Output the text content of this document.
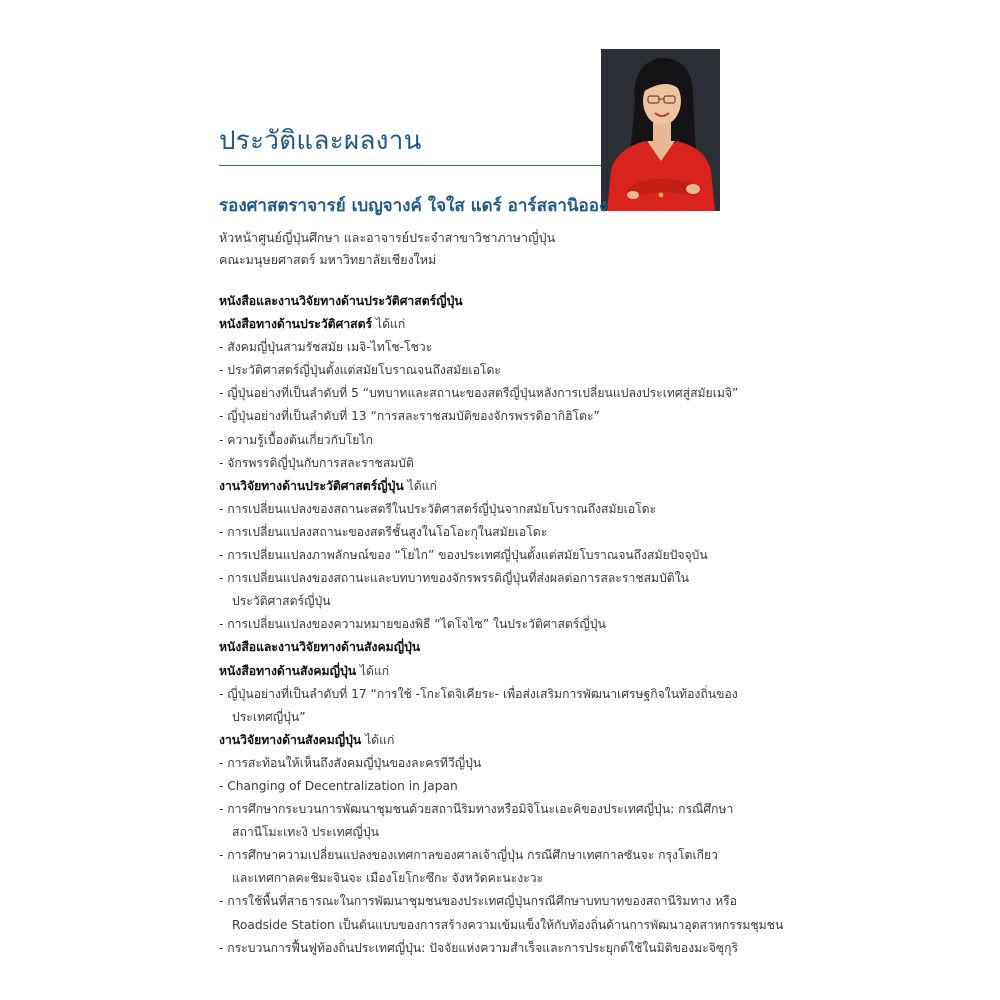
ประวัติและผลงาน
รองศาสตราจารย์ เบญจางค์ ใจใส แดร์ อาร์สลานิออง
หัวหน้าศูนย์ญี่ปุ่นศึกษา และอาจารย์ประจำสาขาวิชาภาษาญี่ปุ่น
คณะมนุษยศาสตร์ มหาวิทยาลัยเชียงใหม่
หนังสือและงานวิจัยทางด้านประวัติศาสตร์ญี่ปุ่น
หนังสือทางด้านประวัติศาสตร์ ได้แก่
- สังคมญี่ปุ่นสามรัชสมัย เมจิ-ไทโช-โชวะ
- ประวัติศาสตร์ญี่ปุ่นตั้งแต่สมัยโบราณจนถึงสมัยเอโดะ
- ญี่ปุ่นอย่างที่เป็นลำดับที่ 5 “บทบาทและสถานะของสตรีญี่ปุ่นหลังการเปลี่ยนแปลงประเทศสู่สมัยเมจิ”
- ญี่ปุ่นอย่างที่เป็นลำดับที่ 13 “การสละราชสมบัติของจักรพรรดิอากิฮิโตะ”
- ความรู้เบื้องต้นเกี่ยวกับโยไก
- จักรพรรดิญี่ปุ่นกับการสละราชสมบัติ
งานวิจัยทางด้านประวัติศาสตร์ญี่ปุ่น ได้แก่
- การเปลี่ยนแปลงของสถานะสตรีในประวัติศาสตร์ญี่ปุ่นจากสมัยโบราณถึงสมัยเอโดะ
- การเปลี่ยนแปลงสถานะของสตรีชั้นสูงในโอโอะกุในสมัยเอโดะ
- การเปลี่ยนแปลงภาพลักษณ์ของ “โยไก” ของประเทศญี่ปุ่นตั้งแต่สมัยโบราณจนถึงสมัยปัจจุบัน
- การเปลี่ยนแปลงของสถานะและบทบาทของจักรพรรดิญี่ปุ่นที่ส่งผลต่อการสละราชสมบัติใน
ประวัติศาสตร์ญี่ปุ่น
- การเปลี่ยนแปลงของความหมายของพิธี “ไดโจไซ” ในประวัติศาสตร์ญี่ปุ่น
หนังสือและงานวิจัยทางด้านสังคมญี่ปุ่น
หนังสือทางด้านสังคมญี่ปุ่น ได้แก่
- ญี่ปุ่นอย่างที่เป็นลำดับที่ 17 “การใช้ -โกะโตจิเคียระ- เพื่อส่งเสริมการพัฒนาเศรษฐกิจในท้องถิ่นของ
ประเทศญี่ปุ่น”
งานวิจัยทางด้านสังคมญี่ปุ่น ได้แก่
- การสะท้อนให้เห็นถึงสังคมญี่ปุ่นของละครทีวีญี่ปุ่น
- Changing of Decentralization in Japan
- การศึกษากระบวนการพัฒนาชุมชนด้วยสถานีริมทางหรือมิจิโนะเอะคิของประเทศญี่ปุ่น: กรณีศึกษา
สถานีโมะเทะงิ ประเทศญี่ปุ่น
- การศึกษาความเปลี่ยนแปลงของเทศกาลของศาลเจ้าญี่ปุ่น กรณีศึกษาเทศกาลซันจะ กรุงโตเกียว
และเทศกาลคะชิมะจินจะ เมืองโยโกะซึกะ จังหวัดคะนะงะวะ
- การใช้พื้นที่สาธารณะในการพัฒนาชุมชนของประเทศญี่ปุ่นกรณีศึกษาบทบาทของสถานีริมทาง หรือ
Roadside Station เป็นต้นแบบของการสร้างความเข้มแข็งให้กับท้องถิ่นด้านการพัฒนาอุตสาหกรรมชุมชน
- กระบวนการฟื้นฟูท้องถิ่นประเทศญี่ปุ่น: ปัจจัยแห่งความสำเร็จและการประยุกต์ใช้ในมิติของมะจิซุกุริ
